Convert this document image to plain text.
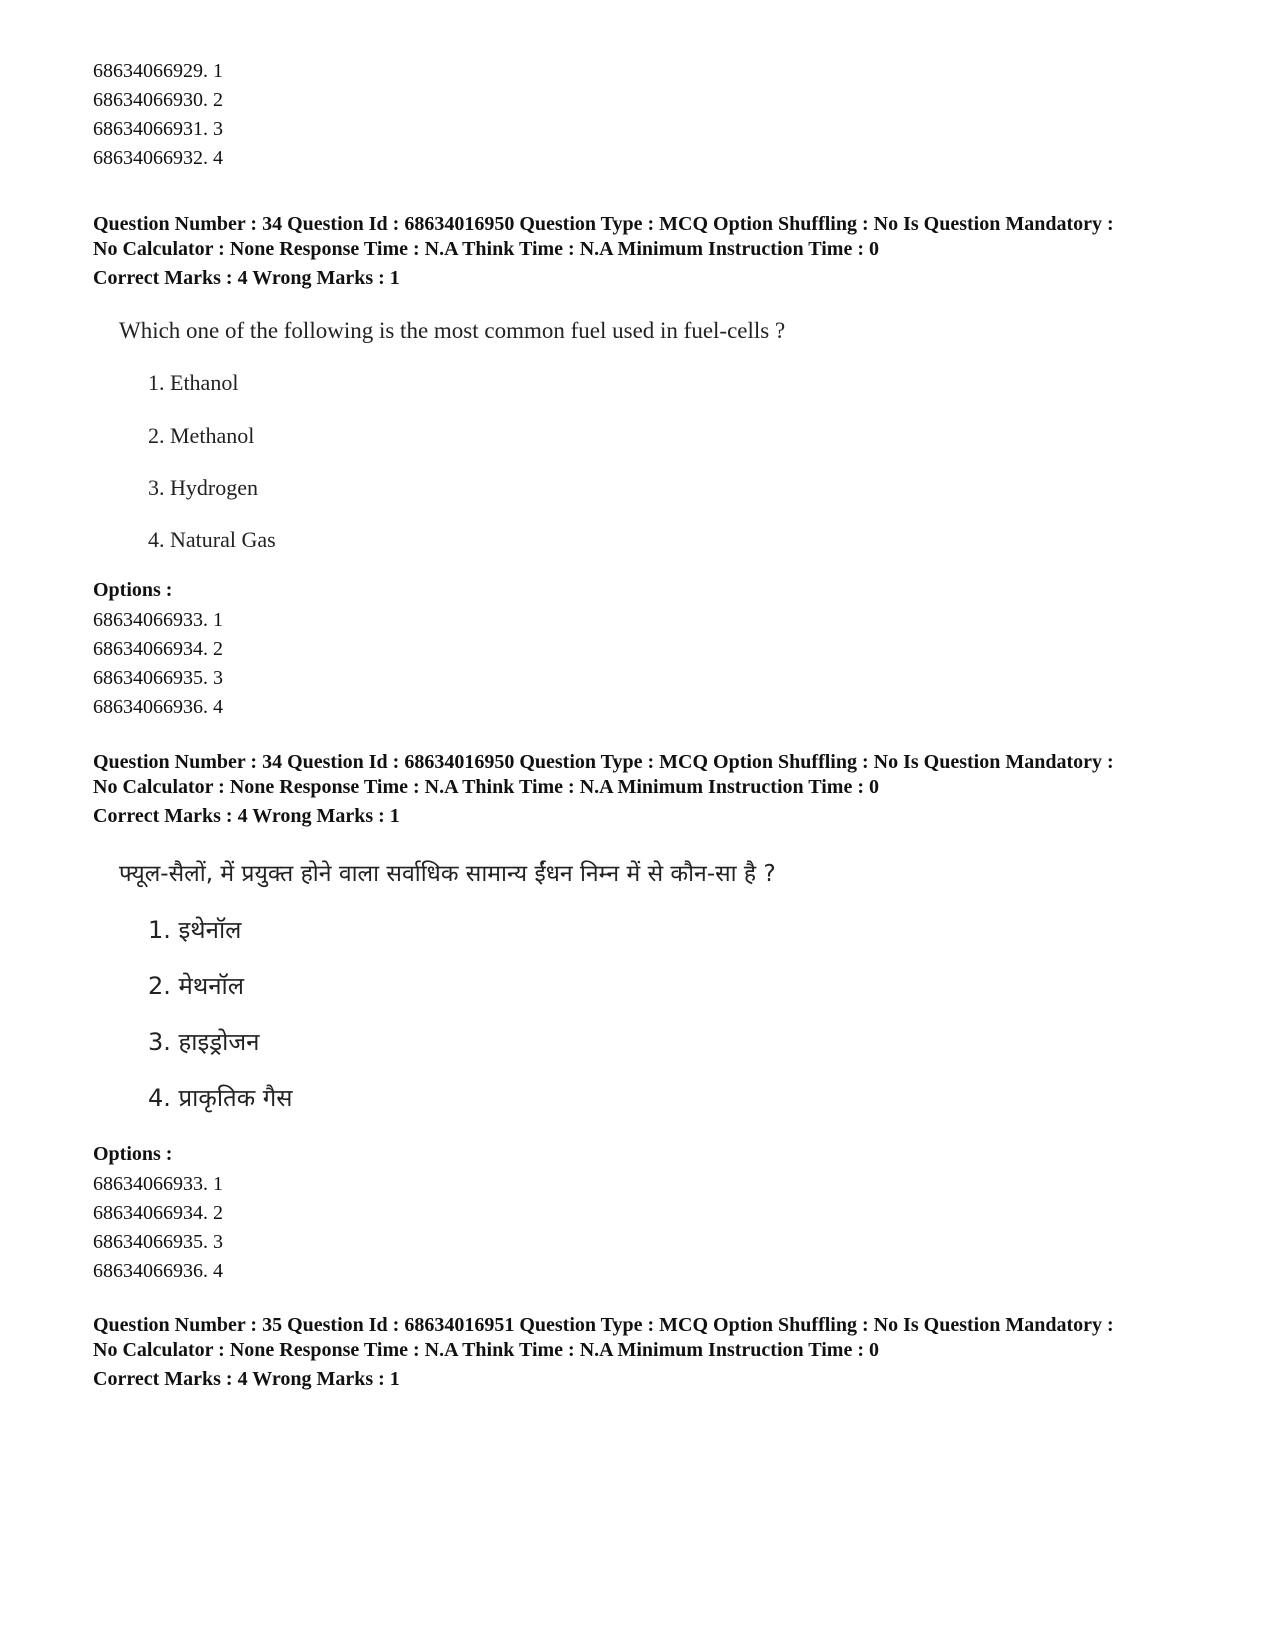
68634066929. 1
68634066930. 2
68634066931. 3
68634066932. 4
Question Number : 34 Question Id : 68634016950 Question Type : MCQ Option Shuffling : No Is Question Mandatory :
No Calculator : None Response Time : N.A Think Time : N.A Minimum Instruction Time : 0
Correct Marks : 4 Wrong Marks : 1
Which one of the following is the most common fuel used in fuel-cells ?
1. Ethanol
2. Methanol
3. Hydrogen
4. Natural Gas
Options :
68634066933. 1
68634066934. 2
68634066935. 3
68634066936. 4
Question Number : 34 Question Id : 68634016950 Question Type : MCQ Option Shuffling : No Is Question Mandatory :
No Calculator : None Response Time : N.A Think Time : N.A Minimum Instruction Time : 0
Correct Marks : 4 Wrong Marks : 1
फ्यूल-सैलों, में प्रयुक्त होने वाला सर्वाधिक सामान्य ईंधन निम्न में से कौन-सा है ?
1. इथेनॉल
2. मेथनॉल
3. हाइड्रोजन
4. प्राकृतिक गैस
Options :
68634066933. 1
68634066934. 2
68634066935. 3
68634066936. 4
Question Number : 35 Question Id : 68634016951 Question Type : MCQ Option Shuffling : No Is Question Mandatory :
No Calculator : None Response Time : N.A Think Time : N.A Minimum Instruction Time : 0
Correct Marks : 4 Wrong Marks : 1
